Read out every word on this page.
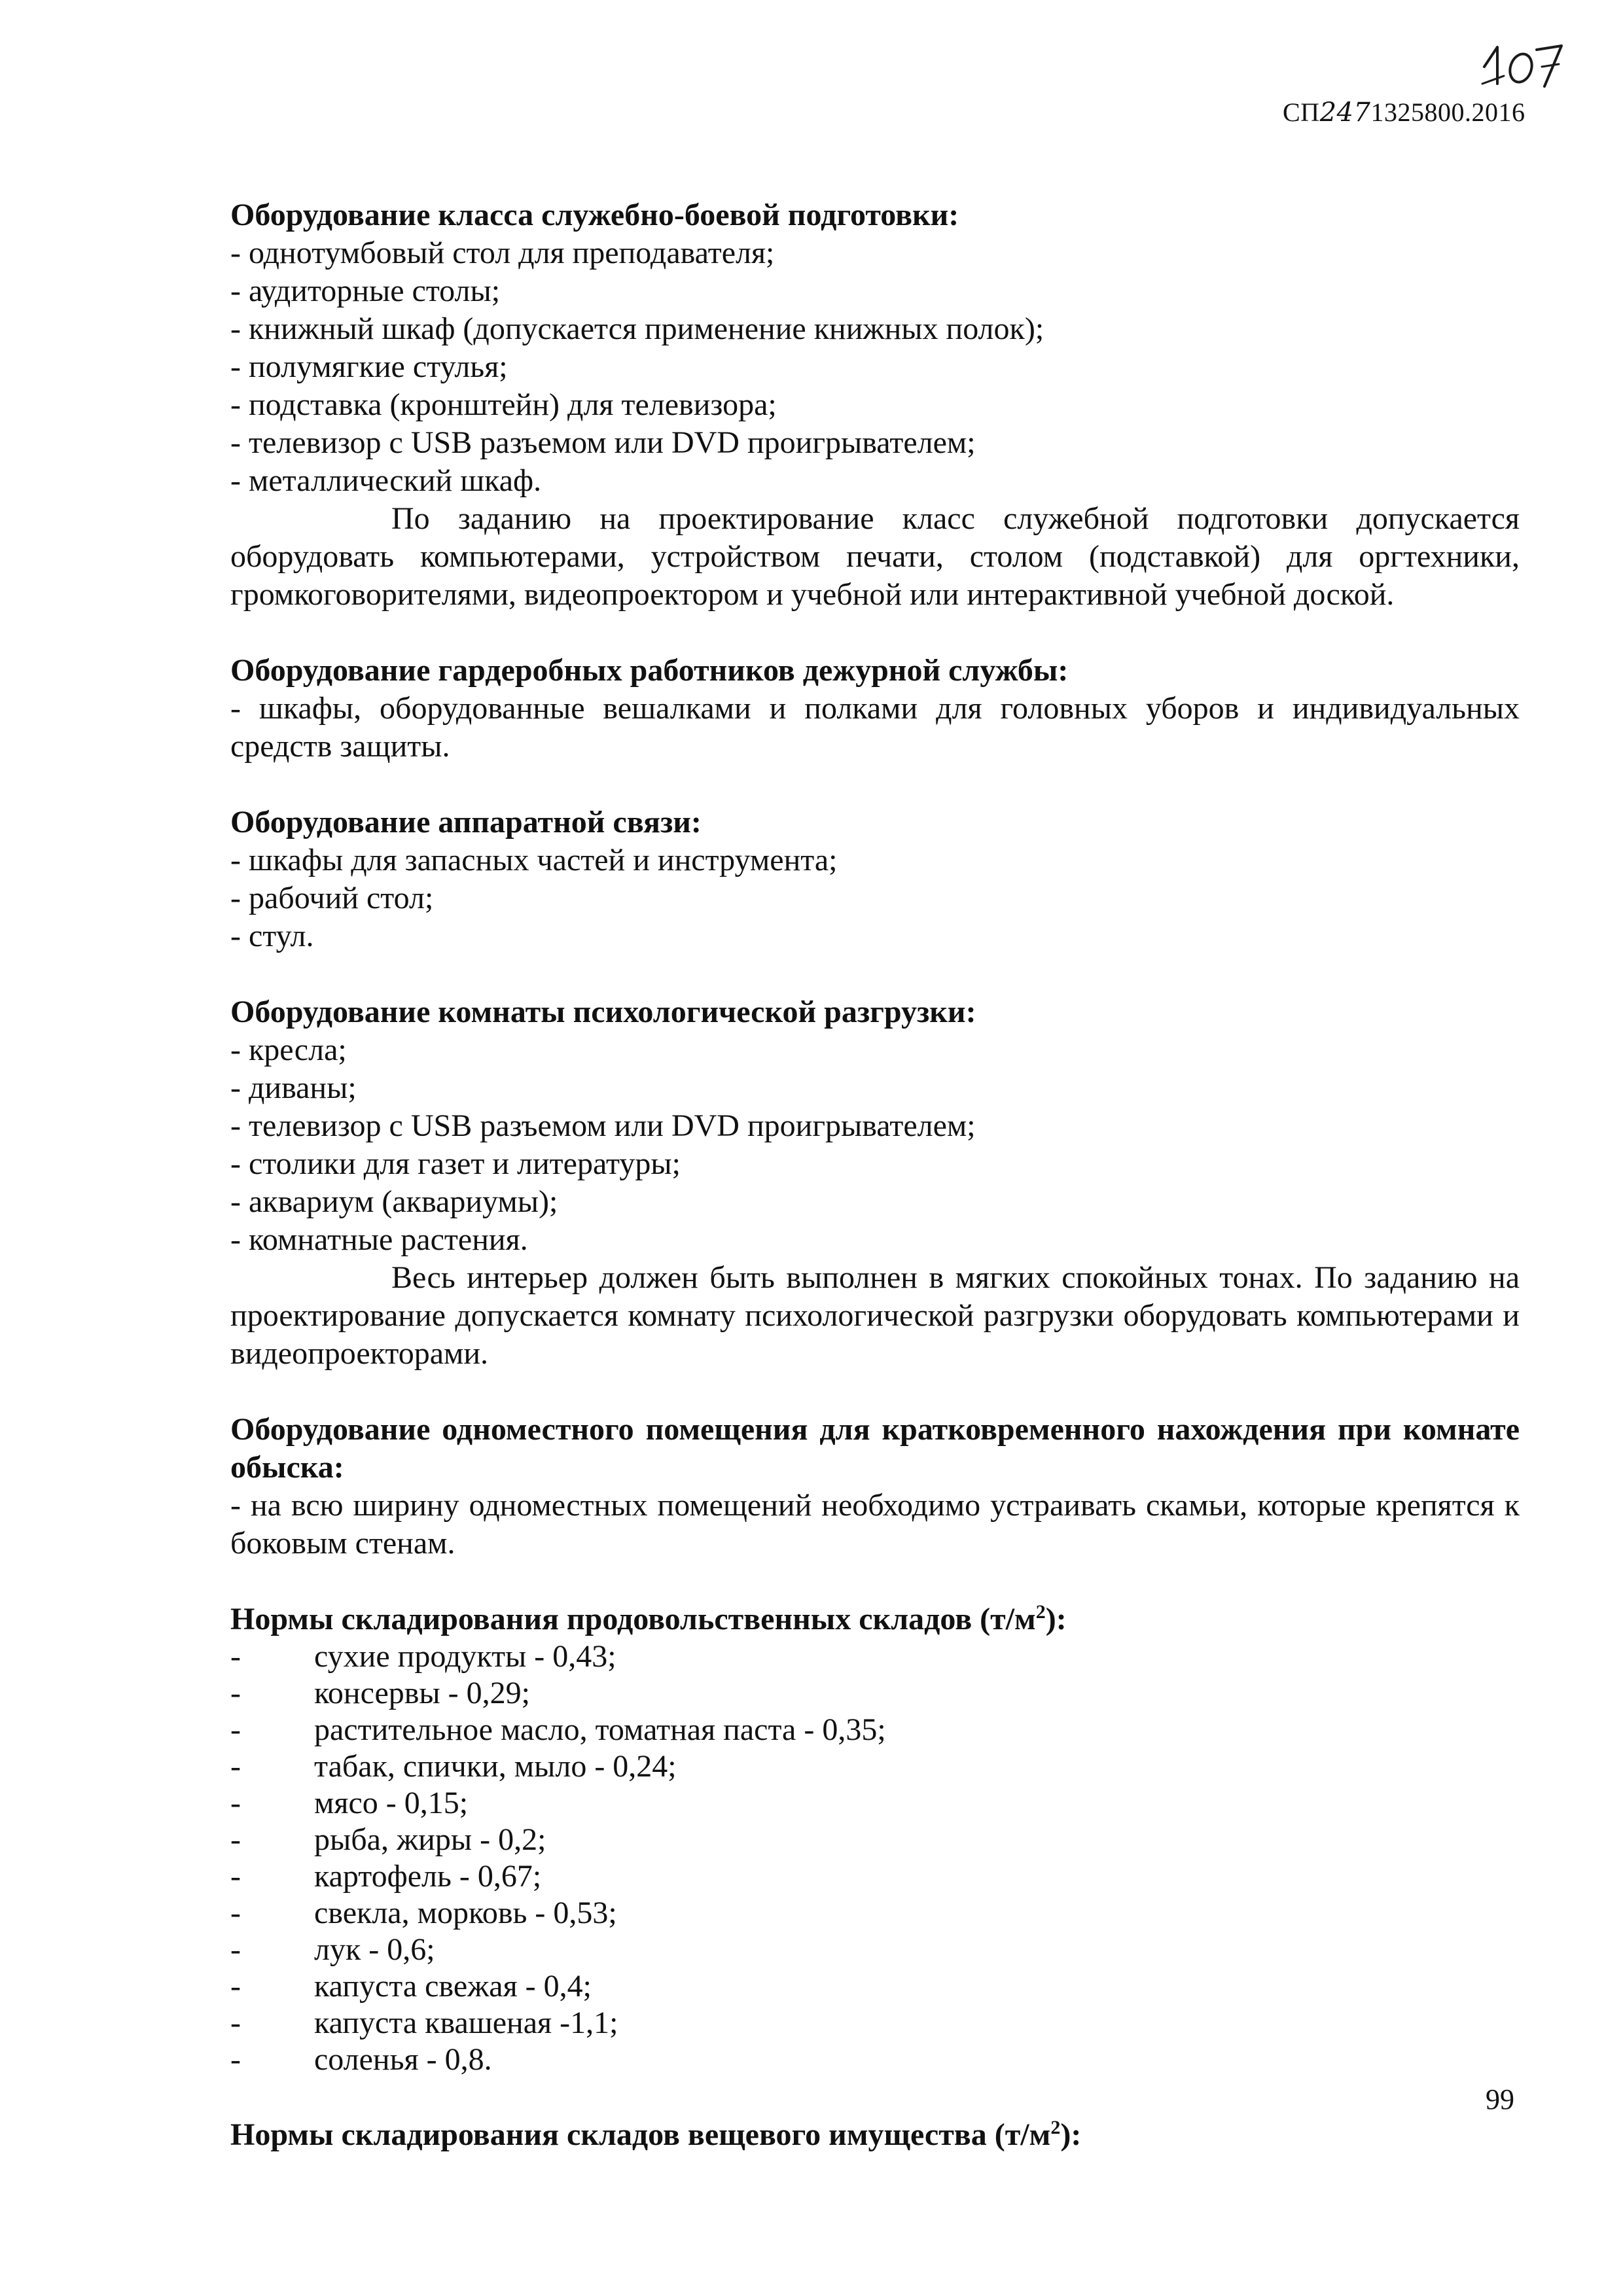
СП2471325800.2016

Оборудование класса служебно-боевой подготовки:

- однотумбовый стол для преподавателя;
- аудиторные столы;
- книжный шкаф (допускается применение книжных полок);
- полумягкие стулья;
- подставка (кронштейн) для телевизора;
- телевизор с USB разъемом или DVD проигрывателем;
- металлический шкаф.

По заданию на проектирование класс служебной подготовки допускается оборудовать компьютерами, устройством печати, столом (подставкой) для оргтехники, громкоговорителями, видеопроектором и учебной или интерактивной учебной доской.

Оборудование гардеробных работников дежурной службы:

- шкафы, оборудованные вешалками и полками для головных уборов и индивидуальных средств защиты.

Оборудование аппаратной связи:

- шкафы для запасных частей и инструмента;
- рабочий стол;
- стул.

Оборудование комнаты психологической разгрузки:

- кресла;
- диваны;
- телевизор с USB разъемом или DVD проигрывателем;
- столики для газет и литературы;
- аквариум (аквариумы);
- комнатные растения.

Весь интерьер должен быть выполнен в мягких спокойных тонах. По заданию на проектирование допускается комнату психологической разгрузки оборудовать компьютерами и видеопроекторами.

Оборудование одноместного помещения для кратковременного нахождения при комнате обыска:

- на всю ширину одноместных помещений необходимо устраивать скамьи, которые крепятся к боковым стенам.

Нормы складирования продовольственных складов $(т/м^2)$:

-	сухие продукты - 0,43;
-	консервы - 0,29;
-	растительное масло, томатная паста - 0,35;
-	табак, спички, мыло - 0,24;
-	мясо - 0,15;
-	рыба, жиры - 0,2;
-	картофель - 0,67;
-	свекла, морковь - 0,53;
-	лук - 0,6;
-	капуста свежая - 0,4;
-	капуста квашеная -1,1;
-	соленья - 0,8.

Нормы складирования складов вещевого имущества $(т/м^2)$:

99
